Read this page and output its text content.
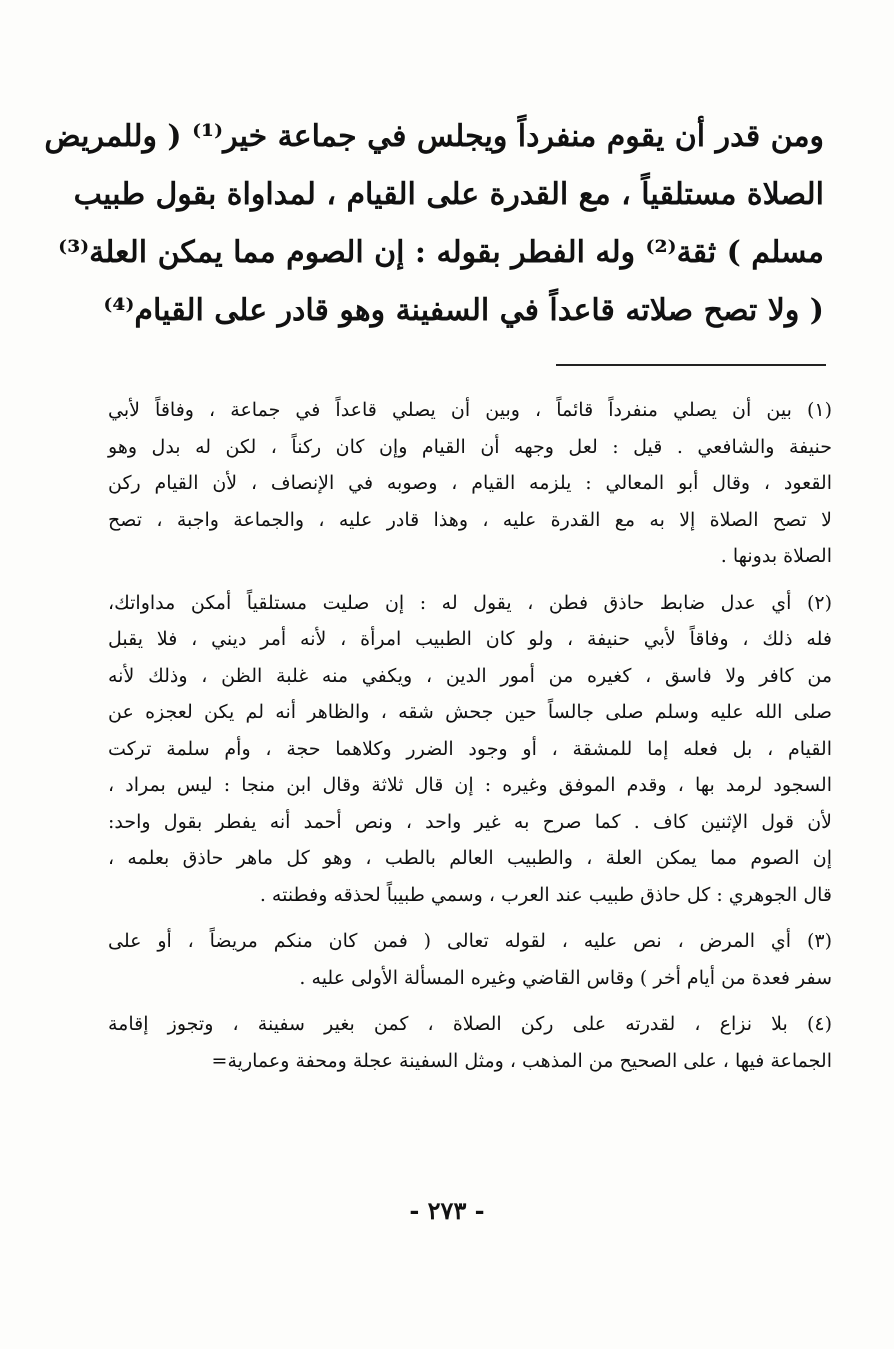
ومن قدر أن يقوم منفرداً ويجلس في جماعة خير⁽¹⁾ ( وللمريض
الصلاة مستلقياً ، مع القدرة على القيام ، لمداواة بقول طبيب
مسلم ) ثقة⁽²⁾ وله الفطر بقوله : إن الصوم مما يمكن العلة⁽³⁾
( ولا تصح صلاته قاعداً في السفينة وهو قادر على القيام⁽⁴⁾
(١) بين أن يصلي منفرداً قائماً ، وبين أن يصلي قاعداً في جماعة ، وفاقاً لأبي
حنيفة والشافعي . قيل : لعل وجهه أن القيام وإن كان ركناً ، لكن له بدل وهو
القعود ، وقال أبو المعالي : يلزمه القيام ، وصوبه في الإنصاف ، لأن القيام ركن
لا تصح الصلاة إلا به مع القدرة عليه ، وهذا قادر عليه ، والجماعة واجبة ، تصح
الصلاة بدونها .
(٢) أي عدل ضابط حاذق فطن ، يقول له : إن صليت مستلقياً أمكن مداواتك،
فله ذلك ، وفاقاً لأبي حنيفة ، ولو كان الطبيب امرأة ، لأنه أمر ديني ، فلا يقبل
من كافر ولا فاسق ، كغيره من أمور الدين ، ويكفي منه غلبة الظن ، وذلك لأنه
صلى الله عليه وسلم صلى جالساً حين جحش شقه ، والظاهر أنه لم يكن لعجزه عن
القيام ، بل فعله إما للمشقة ، أو وجود الضرر وكلاهما حجة ، وأم سلمة تركت
السجود لرمد بها ، وقدم الموفق وغيره : إن قال ثلاثة وقال ابن منجا : ليس بمراد ،
لأن قول الإثنين كاف . كما صرح به غير واحد ، ونص أحمد أنه يفطر بقول واحد:
إن الصوم مما يمكن العلة ، والطبيب العالم بالطب ، وهو كل ماهر حاذق بعلمه ،
قال الجوهري : كل حاذق طبيب عند العرب ، وسمي طبيباً لحذقه وفطنته .
(٣) أي المرض ، نص عليه ، لقوله تعالى ( فمن كان منكم مريضاً ، أو على
سفر فعدة من أيام أخر ) وقاس القاضي وغيره المسألة الأولى عليه .
(٤) بلا نزاع ، لقدرته على ركن الصلاة ، كمن بغير سفينة ، وتجوز إقامة
الجماعة فيها ، على الصحيح من المذهب ، ومثل السفينة عجلة ومحفة وعمارية=
- ٢٧٣ -
